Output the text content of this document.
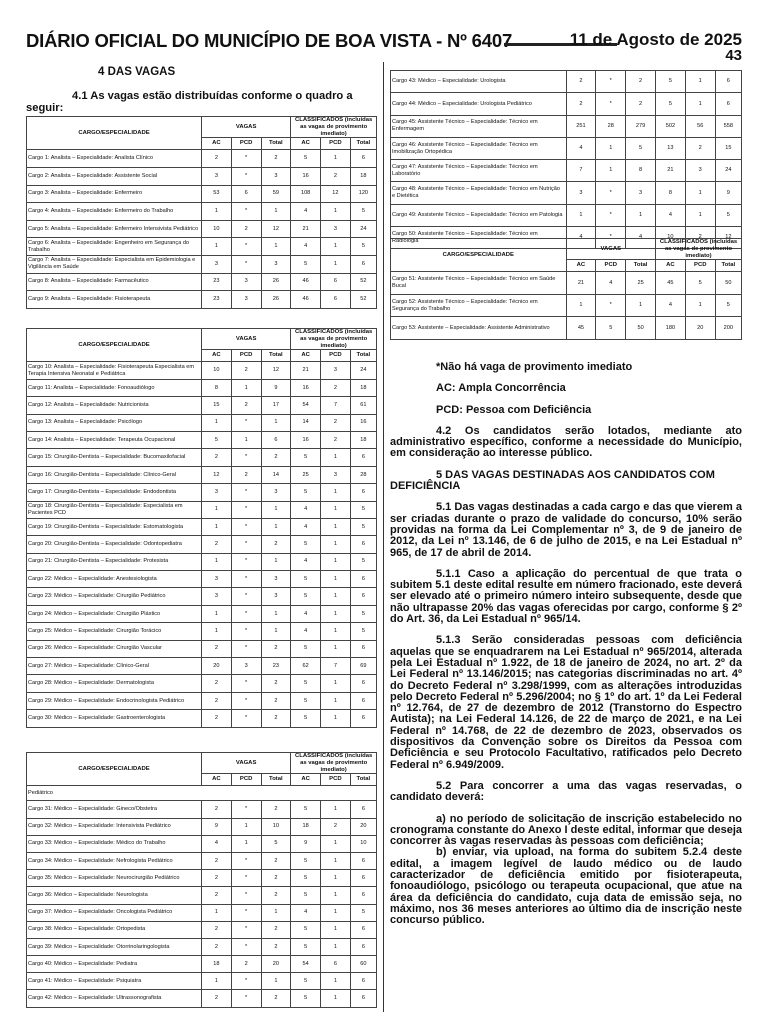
DIÁRIO OFICIAL DO MUNICÍPIO DE BOA VISTA - Nº 6407	11 de Agosto de 2025
43
4 DAS VAGAS
4.1 As vagas estão distribuídas conforme o quadro a seguir:
CARGO/ESPECIALIDADE	VAGAS			CLASSIFICADOS (incluídas as vagas de provimento imediato)		
	AC	PCD	Total	AC	PCD	Total
Cargo 1: Analista – Especialidade: Analista Clínico	2	*	2	5	1	6
Cargo 2: Analista – Especialidade: Assistente Social	3	*	3	16	2	18
Cargo 3: Analista – Especialidade: Enfermeiro	53	6	59	108	12	120
Cargo 4: Analista – Especialidade: Enfermeiro do Trabalho	1	*	1	4	1	5
Cargo 5: Analista – Especialidade: Enfermeiro Intensivista Pediátrico	10	2	12	21	3	24
Cargo 6: Analista – Especialidade: Engenheiro em Segurança do Trabalho	1	*	1	4	1	5
Cargo 7: Analista – Especialidade: Especialista em Epidemiologia e Vigilância em Saúde	3	*	3	5	1	6
Cargo 8: Analista – Especialidade: Farmacêutico	23	3	26	46	6	52
Cargo 9: Analista – Especialidade: Fisioterapeuta	23	3	26	46	6	52
CARGO/ESPECIALIDADE	VAGAS			CLASSIFICADOS (incluídas as vagas de provimento imediato)		
	AC	PCD	Total	AC	PCD	Total
Cargo 10: Analista – Especialidade: Fisioterapeuta Especialista em Terapia Intensiva Neonatal e Pediátrica	10	2	12	21	3	24
Cargo 11: Analista – Especialidade: Fonoaudiólogo	8	1	9	16	2	18
Cargo 12: Analista – Especialidade: Nutricionista	15	2	17	54	7	61
Cargo 13: Analista – Especialidade: Psicólogo	1	*	1	14	2	16
Cargo 14: Analista – Especialidade: Terapeuta Ocupacional	5	1	6	16	2	18
Cargo 15: Cirurgião-Dentista – Especialidade: Bucomaxilofacial	2	*	2	5	1	6
Cargo 16: Cirurgião-Dentista – Especialidade: Clínico-Geral	12	2	14	25	3	28
Cargo 17: Cirurgião-Dentista – Especialidade: Endodontista	3	*	3	5	1	6
Cargo 18: Cirurgião-Dentista – Especialidade: Especialista em Pacientes PCD	1	*	1	4	1	5
Cargo 19: Cirurgião-Dentista – Especialidade: Estomatologista	1	*	1	4	1	5
Cargo 20: Cirurgião-Dentista – Especialidade: Odontopediatra	2	*	2	5	1	6
Cargo 21: Cirurgião-Dentista – Especialidade: Protesista	1	*	1	4	1	5
Cargo 22: Médico – Especialidade: Anestesiologista	3	*	3	5	1	6
Cargo 23: Médico – Especialidade: Cirurgião Pediátrico	3	*	3	5	1	6
Cargo 24: Médico – Especialidade: Cirurgião Plástico	1	*	1	4	1	5
Cargo 25: Médico – Especialidade: Cirurgião Torácico	1	*	1	4	1	5
Cargo 26: Médico – Especialidade: Cirurgião Vascular	2	*	2	5	1	6
Cargo 27: Médico – Especialidade: Clínico-Geral	20	3	23	62	7	69
Cargo 28: Médico – Especialidade: Dermatologista	2	*	2	5	1	6
Cargo 29: Médico – Especialidade: Endocrinologista Pediátrico	2	*	2	5	1	6
Cargo 30: Médico – Especialidade: Gastroenterologista	2	*	2	5	1	6
CARGO/ESPECIALIDADE	VAGAS			CLASSIFICADOS (incluídas as vagas de provimento imediato)		
	AC	PCD	Total	AC	PCD	Total
Pediátrico						
Cargo 31: Médico – Especialidade: Gineco/Obstetra	2	*	2	5	1	6
Cargo 32: Médico – Especialidade: Intensivista Pediátrico	9	1	10	18	2	20
Cargo 33: Médico – Especialidade: Médico do Trabalho	4	1	5	9	1	10
Cargo 34: Médico – Especialidade: Nefrologista Pediátrico	2	*	2	5	1	6
Cargo 35: Médico – Especialidade: Neurocirurgião Pediátrico	2	*	2	5	1	6
Cargo 36: Médico – Especialidade: Neurologista	2	*	2	5	1	6
Cargo 37: Médico – Especialidade: Oncologista Pediátrico	1	*	1	4	1	5
Cargo 38: Médico – Especialidade: Ortopedista	2	*	2	5	1	6
Cargo 39: Médico – Especialidade: Otorrinolaringologista	2	*	2	5	1	6
Cargo 40: Médico – Especialidade: Pediatra	18	2	20	54	6	60
Cargo 41: Médico – Especialidade: Psiquiatra	1	*	1	5	1	6
Cargo 42: Médico – Especialidade: Ultrassonografista	2	*	2	5	1	6
Cargo 43: Médico – Especialidade: Urologista	2	*	2	5	1	6
Cargo 44: Médico – Especialidade: Urologista Pediátrico	2	*	2	5	1	6
Cargo 45: Assistente Técnico – Especialidade: Técnico em Enfermagem	251	28	279	502	56	558
Cargo 46: Assistente Técnico – Especialidade: Técnico em Imobilização Ortopédica	4	1	5	13	2	15
Cargo 47: Assistente Técnico – Especialidade: Técnico em Laboratório	7	1	8	21	3	24
Cargo 48: Assistente Técnico – Especialidade: Técnico em Nutrição e Dietética	3	*	3	8	1	9
Cargo 49: Assistente Técnico – Especialidade: Técnico em Patologia	1	*	1	4	1	5
Cargo 50: Assistente Técnico – Especialidade: Técnico em Radiologia	4	*	4	10	2	12
CARGO/ESPECIALIDADE	VAGAS			CLASSIFICADOS (incluídas as vagas de provimento imediato)		
	AC	PCD	Total	AC	PCD	Total
Cargo 51: Assistente Técnico – Especialidade: Técnico em Saúde Bucal	21	4	25	45	5	50
Cargo 52: Assistente Técnico – Especialidade: Técnico em Segurança do Trabalho	1	*	1	4	1	5
Cargo 53: Assistente – Especialidade: Assistente Administrativo	45	5	50	180	20	200

*Não há vaga de provimento imediato

AC: Ampla Concorrência

PCD: Pessoa com Deficiência

4.2 Os candidatos serão lotados, mediante ato administrativo específico, conforme a necessidade do Município, em consideração ao interesse público.

5 DAS VAGAS DESTINADAS AOS CANDIDATOS COM DEFICIÊNCIA

5.1 Das vagas destinadas a cada cargo e das que vierem a ser criadas durante o prazo de validade do concurso, 10% serão providas na forma da Lei Complementar nº 3, de 9 de janeiro de 2012, da Lei nº 13.146, de 6 de julho de 2015, e na Lei Estadual nº 965, de 17 de abril de 2014.

5.1.1 Caso a aplicação do percentual de que trata o subitem 5.1 deste edital resulte em número fracionado, este deverá ser elevado até o primeiro número inteiro subsequente, desde que não ultrapasse 20% das vagas oferecidas por cargo, conforme § 2º do Art. 36, da Lei Estadual nº 965/14.

5.1.3 Serão consideradas pessoas com deficiência aquelas que se enquadrarem na Lei Estadual nº 965/2014, alterada pela Lei Estadual nº 1.922, de 18 de janeiro de 2024, no art. 2º da Lei Federal nº 13.146/2015; nas categorias discriminadas no art. 4º do Decreto Federal nº 3.298/1999, com as alterações introduzidas pelo Decreto Federal nº 5.296/2004; no § 1º do art. 1º da Lei Federal nº 12.764, de 27 de dezembro de 2012 (Transtorno do Espectro Autista); na Lei Federal 14.126, de 22 de março de 2021, e na Lei Federal nº 14.768, de 22 de dezembro de 2023, observados os dispositivos da Convenção sobre os Direitos da Pessoa com Deficiência e seu Protocolo Facultativo, ratificados pelo Decreto Federal nº 6.949/2009.

5.2 Para concorrer a uma das vagas reservadas, o candidato deverá:

a) no período de solicitação de inscrição estabelecido no cronograma constante do Anexo I deste edital, informar que deseja concorrer às vagas reservadas às pessoas com deficiência;

b) enviar, via upload, na forma do subitem 5.2.4 deste edital, a imagem legível de laudo médico ou de laudo caracterizador de deficiência emitido por fisioterapeuta, fonoaudiólogo, psicólogo ou terapeuta ocupacional, que atue na área da deficiência do candidato, cuja data de emissão seja, no máximo, nos 36 meses anteriores ao último dia de inscrição neste concurso público.
